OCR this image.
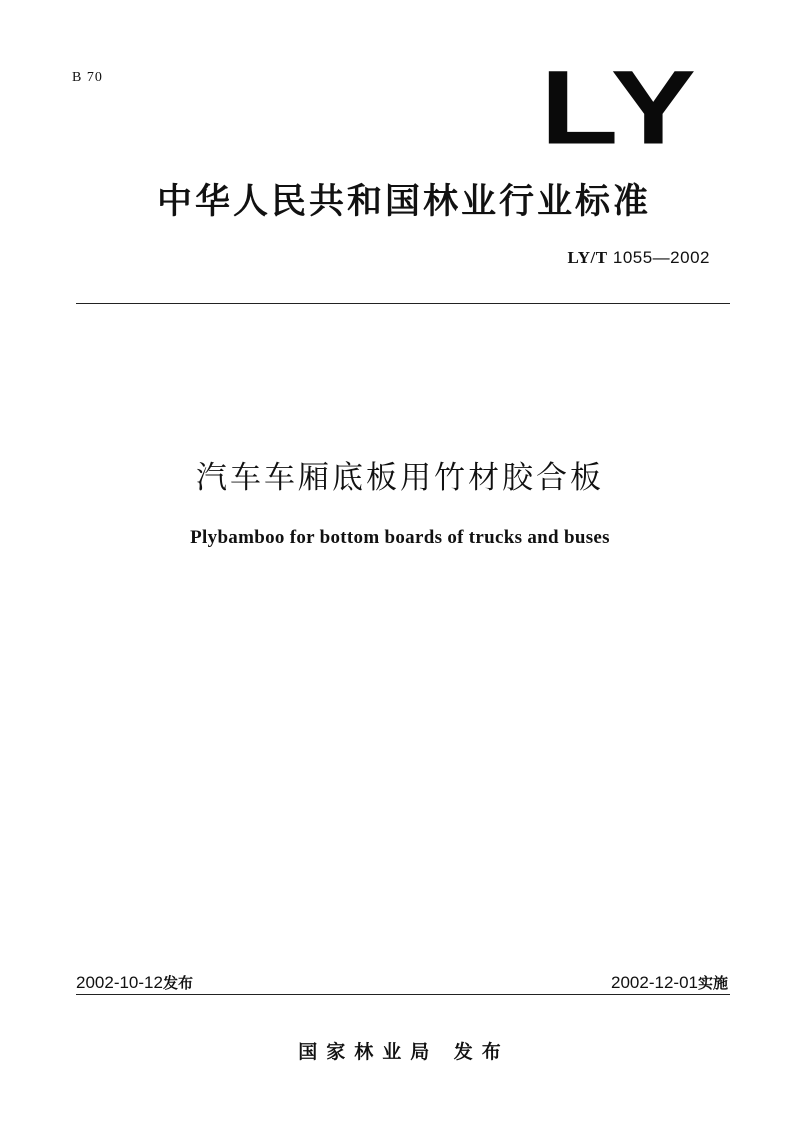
B 70	LY
中华人民共和国林业行业标准
LY/T 1055—2002
汽车车厢底板用竹材胶合板
Plybamboo for bottom boards of trucks and buses
2002-10-12发布	2002-12-01实施
国家林业局 发布
